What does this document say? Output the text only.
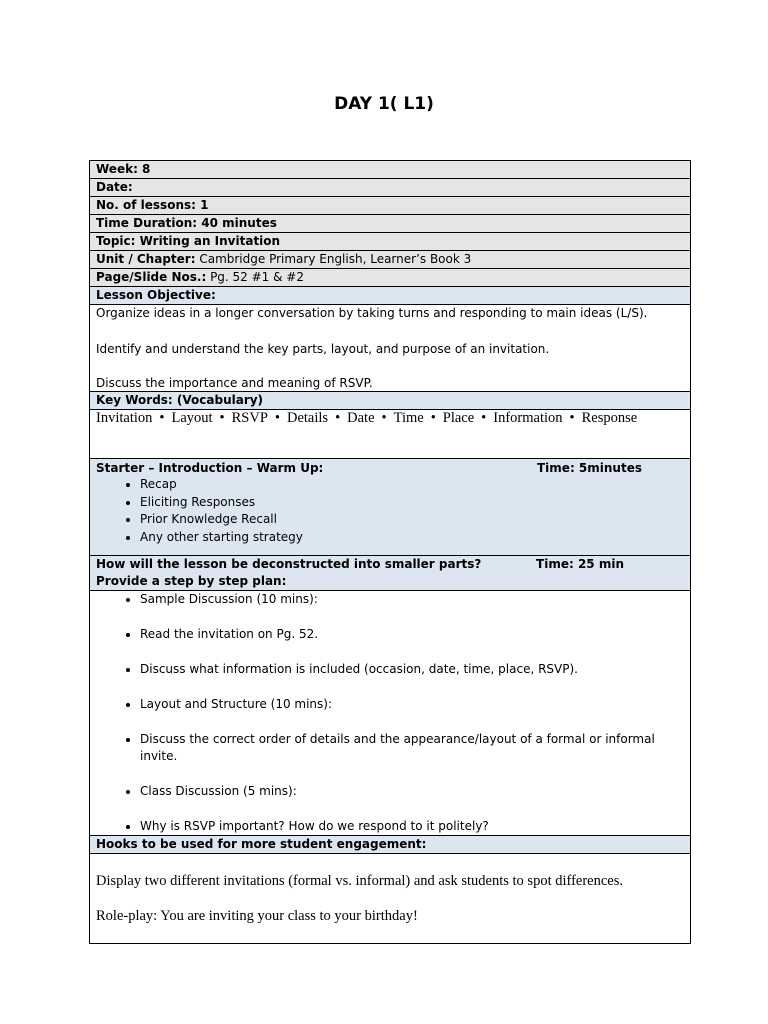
DAY 1( L1)
Week: 8
Date:
No. of lessons: 1
Time Duration: 40 minutes
Topic: Writing an Invitation
Unit / Chapter: Cambridge Primary English, Learner’s Book 3
Page/Slide Nos.: Pg. 52 #1 & #2
Lesson Objective:

Organize ideas in a longer conversation by taking turns and responding to main ideas (L/S).

Identify and understand the key parts, layout, and purpose of an invitation.

Discuss the importance and meaning of RSVP.

Key Words: (Vocabulary)
Invitation • Layout • RSVP • Details • Date • Time • Place • Information • Response

Starter – Introduction – Warm Up:	Time: 5minutes
• Recap
• Eliciting Responses
• Prior Knowledge Recall
• Any other starting strategy

How will the lesson be deconstructed into smaller parts?	Time: 25 min
Provide a step by step plan:

• Sample Discussion (10 mins):
• Read the invitation on Pg. 52.
• Discuss what information is included (occasion, date, time, place, RSVP).
• Layout and Structure (10 mins):
• Discuss the correct order of details and the appearance/layout of a formal or informal invite.
• Class Discussion (5 mins):
• Why is RSVP important? How do we respond to it politely?

Hooks to be used for more student engagement:

Display two different invitations (formal vs. informal) and ask students to spot differences.

Role-play: You are inviting your class to your birthday!
